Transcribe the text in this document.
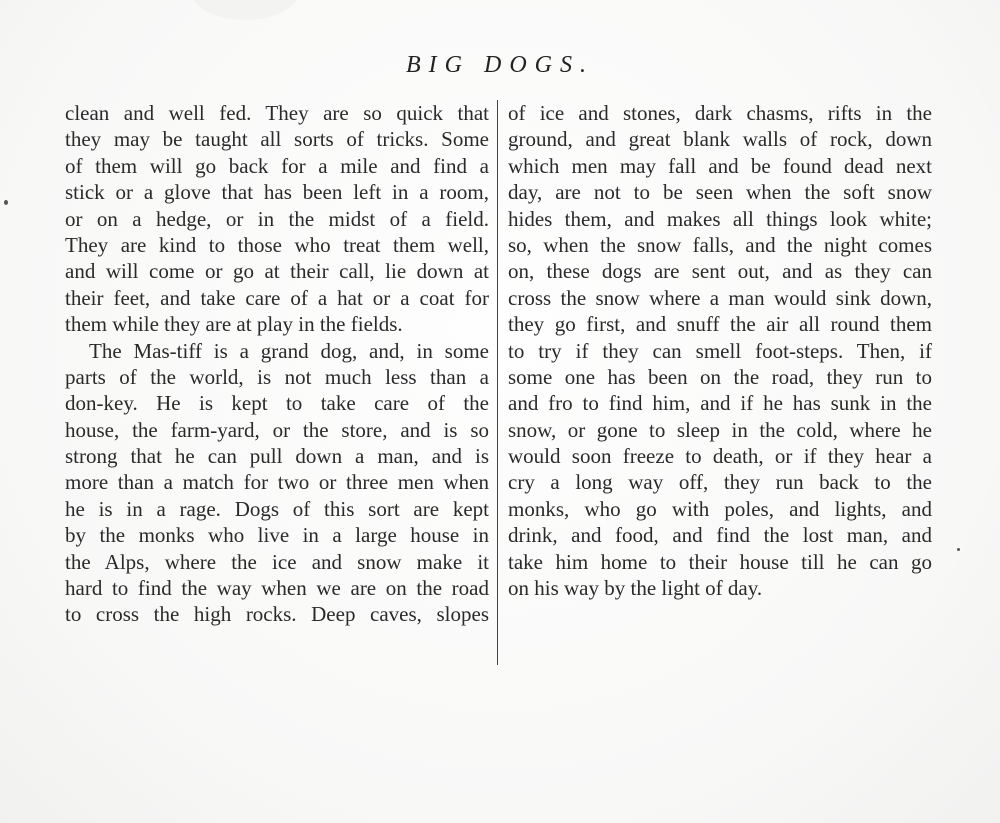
BIG DOGS.
clean and well fed. They are so quick that
they may be taught all sorts of tricks. Some
of them will go back for a mile and find a
stick or a glove that has been left in a room,
or on a hedge, or in the midst of a field.
They are kind to those who treat them well,
and will come or go at their call, lie down at
their feet, and take care of a hat or a coat for
them while they are at play in the fields.
The Mas-tiff is a grand dog, and, in some
parts of the world, is not much less than a
don-key. He is kept to take care of the
house, the farm-yard, or the store, and is so
strong that he can pull down a man, and is
more than a match for two or three men when
he is in a rage. Dogs of this sort are kept
by the monks who live in a large house in
the Alps, where the ice and snow make it
hard to find the way when we are on the road
to cross the high rocks. Deep caves, slopes
of ice and stones, dark chasms, rifts in the
ground, and great blank walls of rock, down
which men may fall and be found dead next
day, are not to be seen when the soft snow
hides them, and makes all things look white;
so, when the snow falls, and the night comes
on, these dogs are sent out, and as they can
cross the snow where a man would sink down,
they go first, and snuff the air all round them
to try if they can smell foot-steps. Then, if
some one has been on the road, they run to
and fro to find him, and if he has sunk in the
snow, or gone to sleep in the cold, where he
would soon freeze to death, or if they hear a
cry a long way off, they run back to the
monks, who go with poles, and lights, and
drink, and food, and find the lost man, and
take him home to their house till he can go
on his way by the light of day.
